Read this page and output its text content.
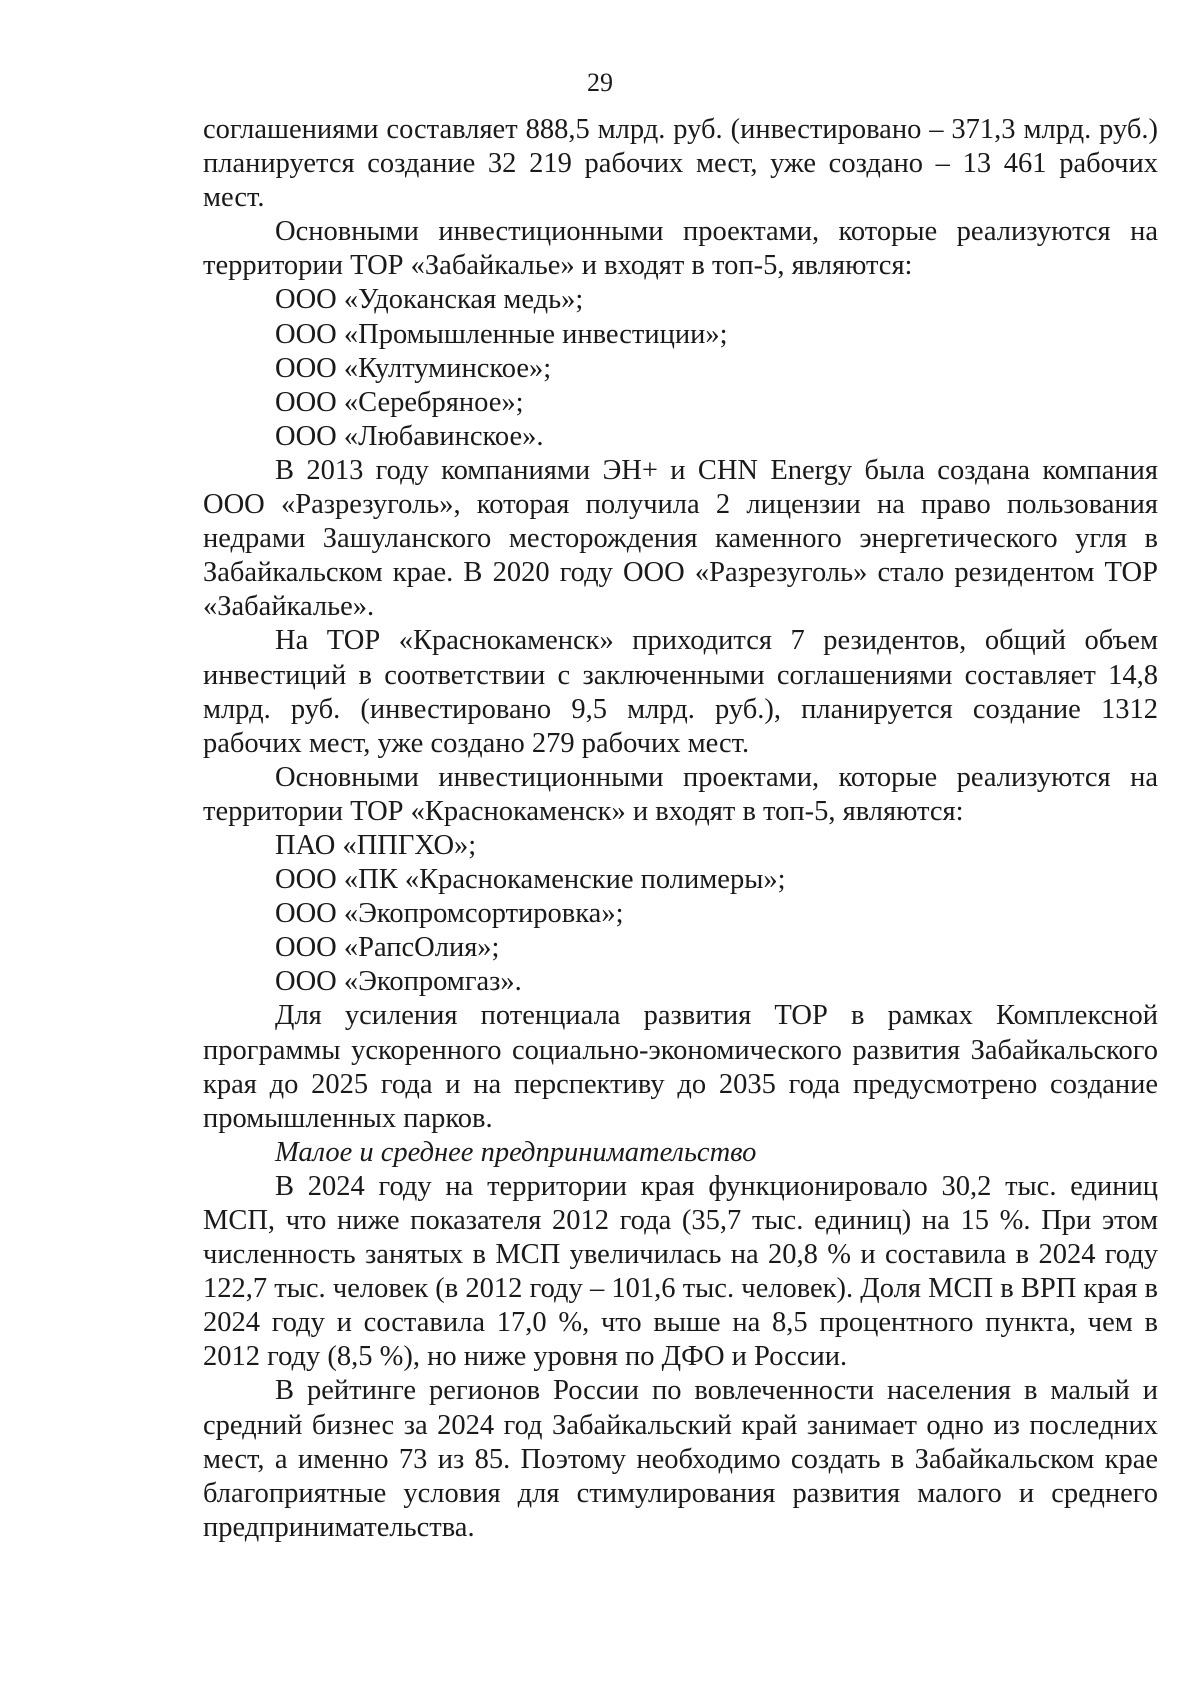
29

соглашениями составляет 888,5 млрд. руб. (инвестировано – 371,3 млрд. руб.) планируется создание 32 219 рабочих мест, уже создано – 13 461 рабочих мест.

Основными инвестиционными проектами, которые реализуются на территории ТОР «Забайкалье» и входят в топ-5, являются:

ООО «Удоканская медь»;

ООО «Промышленные инвестиции»;

ООО «Култуминское»;

ООО «Серебряное»;

ООО «Любавинское».

В 2013 году компаниями ЭН+ и CHN Energy была создана компания ООО «Разрезуголь», которая получила 2 лицензии на право пользования недрами Зашуланского месторождения каменного энергетического угля в Забайкальском крае. В 2020 году ООО «Разрезуголь» стало резидентом ТОР «Забайкалье».

На ТОР «Краснокаменск» приходится 7 резидентов, общий объем инвестиций в соответствии с заключенными соглашениями составляет 14,8 млрд. руб. (инвестировано 9,5 млрд. руб.), планируется создание 1312 рабочих мест, уже создано 279 рабочих мест.

Основными инвестиционными проектами, которые реализуются на территории ТОР «Краснокаменск» и входят в топ-5, являются:

ПАО «ППГХО»;

ООО «ПК «Краснокаменские полимеры»;

ООО «Экопромсортировка»;

ООО «РапсОлия»;

ООО «Экопромгаз».

Для усиления потенциала развития ТОР в рамках Комплексной программы ускоренного социально-экономического развития Забайкальского края до 2025 года и на перспективу до 2035 года предусмотрено создание промышленных парков.

Малое и среднее предпринимательство

В 2024 году на территории края функционировало 30,2 тыс. единиц МСП, что ниже показателя 2012 года (35,7 тыс. единиц) на 15 %. При этом численность занятых в МСП увеличилась на 20,8 % и составила в 2024 году 122,7 тыс. человек (в 2012 году – 101,6 тыс. человек). Доля МСП в ВРП края в 2024 году и составила 17,0 %, что выше на 8,5 процентного пункта, чем в 2012 году (8,5 %), но ниже уровня по ДФО и России.

В рейтинге регионов России по вовлеченности населения в малый и средний бизнес за 2024 год Забайкальский край занимает одно из последних мест, а именно 73 из 85. Поэтому необходимо создать в Забайкальском крае благоприятные условия для стимулирования развития малого и среднего предпринимательства.
